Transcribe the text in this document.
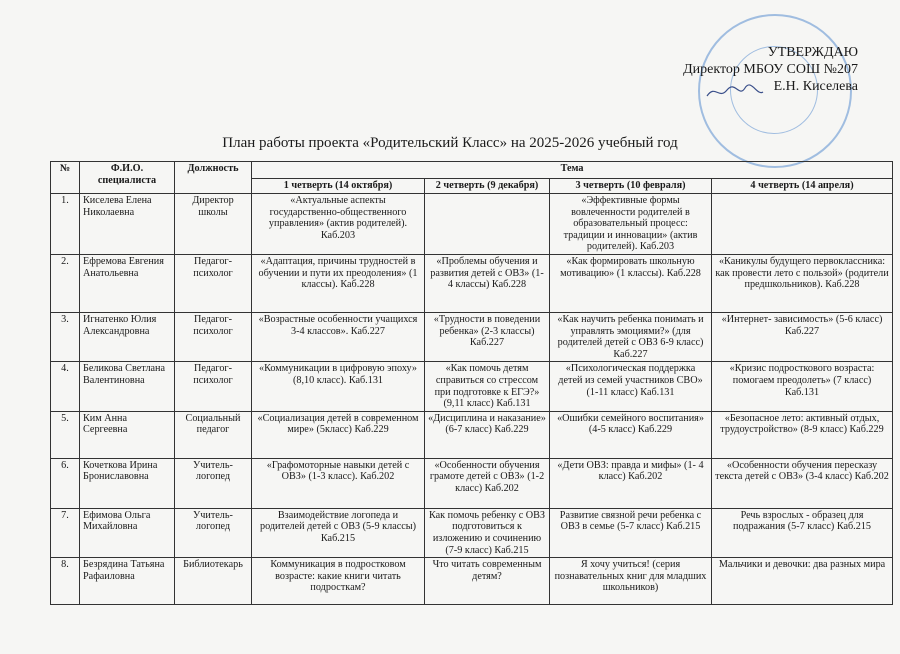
УТВЕРЖДАЮ
Директор МБОУ СОШ №207
Е.Н. Киселева
План работы проекта «Родительский Класс» на 2025-2026 учебный год
№	Ф.И.О. специалиста	Должность	Тема			
			1 четверть (14 октября)	2 четверть (9 декабря)	3 четверть (10 февраля)	4 четверть (14 апреля)
1.	Киселева Елена Николаевна	Директор школы	«Актуальные аспекты государственно-общественного управления» (актив родителей). Каб.203		«Эффективные формы вовлеченности родителей в образовательный процесс: традиции и инновации» (актив родителей). Каб.203	
2.	Ефремова Евгения Анатольевна	Педагог-психолог	«Адаптация, причины трудностей в обучении и пути их преодоления» (1 классы). Каб.228	«Проблемы обучения и развития детей с ОВЗ» (1-4 классы) Каб.228	«Как формировать школьную мотивацию» (1 классы). Каб.228	«Каникулы будущего первоклассника: как провести лето с пользой» (родители предшкольников). Каб.228
3.	Игнатенко Юлия Александровна	Педагог-психолог	«Возрастные особенности учащихся 3-4 классов». Каб.227	«Трудности в поведении ребенка» (2-3 классы) Каб.227	«Как научить ребенка понимать и управлять эмоциями?» (для родителей детей с ОВЗ 6-9 класс) Каб.227	«Интернет- зависимость» (5-6 класс) Каб.227
4.	Беликова Светлана Валентиновна	Педагог-психолог	«Коммуникации в цифровую эпоху» (8,10 класс). Каб.131	«Как помочь детям справиться со стрессом при подготовке к ЕГЭ?» (9,11 класс) Каб.131	«Психологическая поддержка детей из семей участников СВО» (1-11 класс) Каб.131	«Кризис подросткового возраста: помогаем преодолеть» (7 класс) Каб.131
5.	Ким Анна Сергеевна	Социальный педагог	«Социализация детей в современном мире» (5класс) Каб.229	«Дисциплина и наказание» (6-7 класс) Каб.229	«Ошибки семейного воспитания» (4-5 класс) Каб.229	«Безопасное лето: активный отдых, трудоустройство» (8-9 класс) Каб.229
6.	Кочеткова Ирина Брониславовна	Учитель-логопед	«Графомоторные навыки детей с ОВЗ» (1-3 класс). Каб.202	«Особенности обучения грамоте детей с ОВЗ» (1-2 класс) Каб.202	«Дети ОВЗ: правда и мифы» (1- 4 класс) Каб.202	«Особенности обучения пересказу текста детей с ОВЗ» (3-4 класс) Каб.202
7.	Ефимова Ольга Михайловна	Учитель-логопед	Взаимодействие логопеда и родителей детей с ОВЗ (5-9 классы) Каб.215	Как помочь ребенку с ОВЗ подготовиться к изложению и сочинению (7-9 класс) Каб.215	Развитие связной речи ребенка с ОВЗ в семье (5-7 класс) Каб.215	Речь взрослых - образец для подражания (5-7 класс) Каб.215
8.	Безрядина Татьяна Рафаиловна	Библиотекарь	Коммуникация в подростковом возрасте: какие книги читать подросткам?	Что читать современным детям?	Я хочу учиться! (серия познавательных книг для младших школьников)	Мальчики и девочки: два разных мира
